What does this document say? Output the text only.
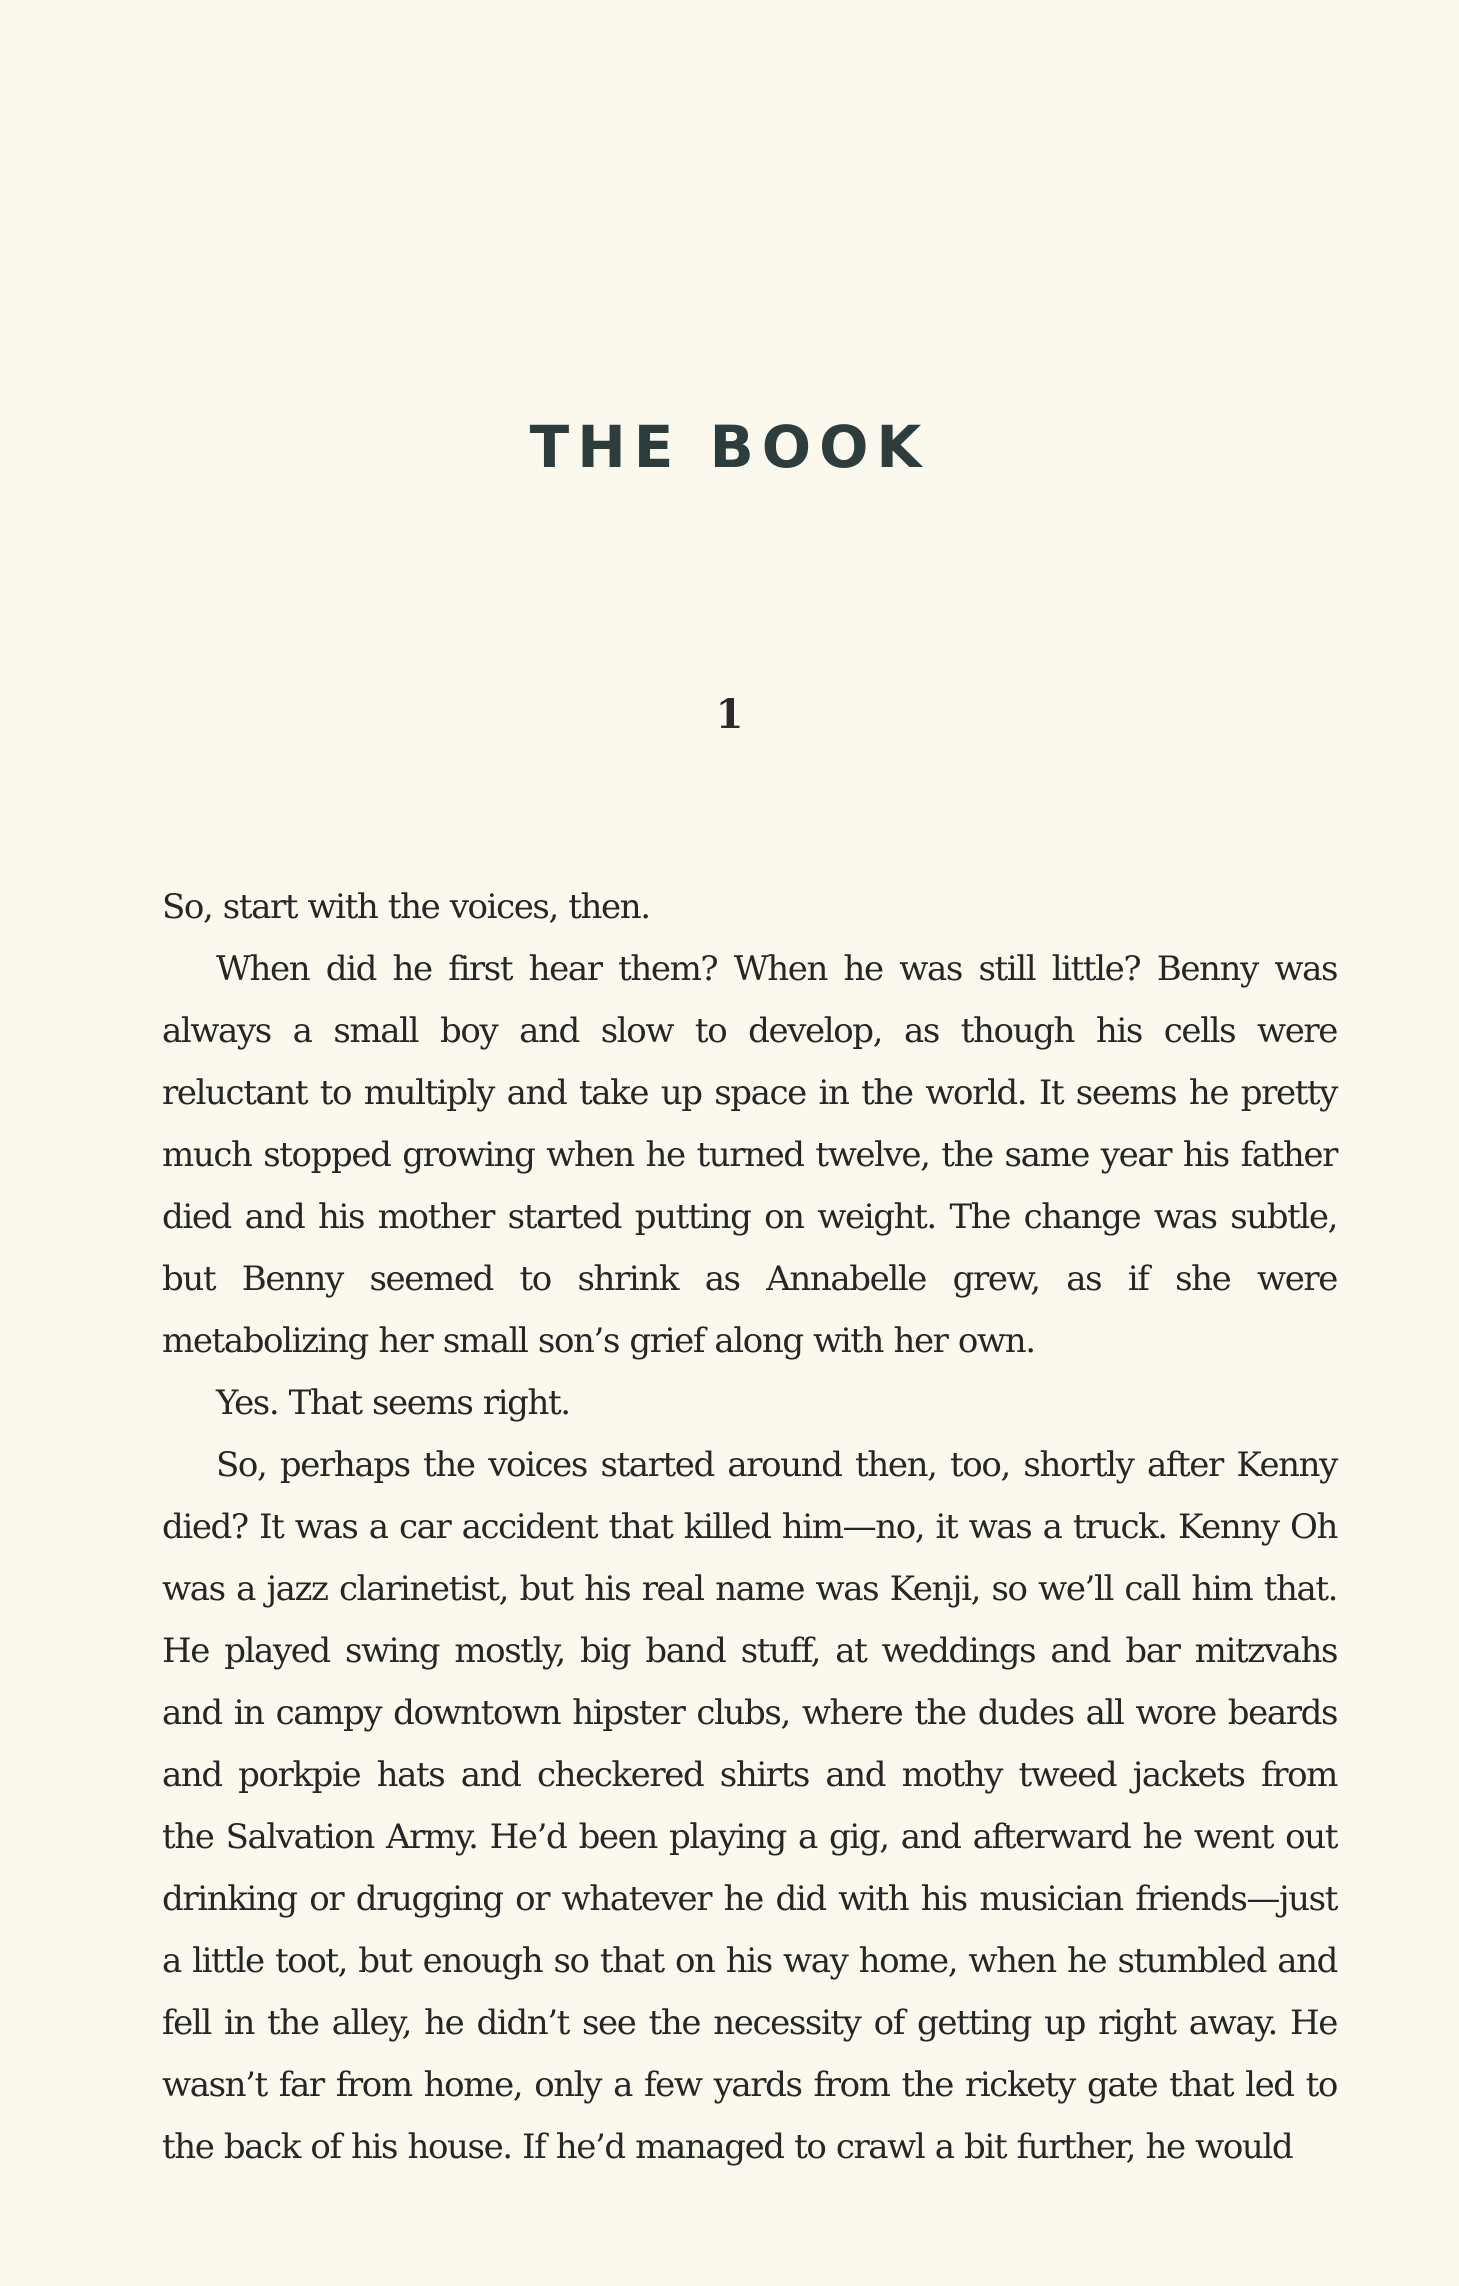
THE BOOK
1

So, start with the voices, then.

When did he first hear them? When he was still little? Benny was always a small boy and slow to develop, as though his cells were reluctant to multiply and take up space in the world. It seems he pretty much stopped growing when he turned twelve, the same year his father died and his mother started putting on weight. The change was subtle, but Benny seemed to shrink as Annabelle grew, as if she were metabolizing her small son’s grief along with her own.

Yes. That seems right.

So, perhaps the voices started around then, too, shortly after Kenny died? It was a car accident that killed him—no, it was a truck. Kenny Oh was a jazz clarinetist, but his real name was Kenji, so we’ll call him that. He played swing mostly, big band stuff, at weddings and bar mitzvahs and in campy downtown hipster clubs, where the dudes all wore beards and porkpie hats and checkered shirts and mothy tweed jackets from the Salvation Army. He’d been playing a gig, and afterward he went out drinking or drugging or whatever he did with his musician friends—just a little toot, but enough so that on his way home, when he stumbled and fell in the alley, he didn’t see the necessity of getting up right away. He wasn’t far from home, only a few yards from the rickety gate that led to the back of his house. If he’d managed to crawl a bit further, he would
